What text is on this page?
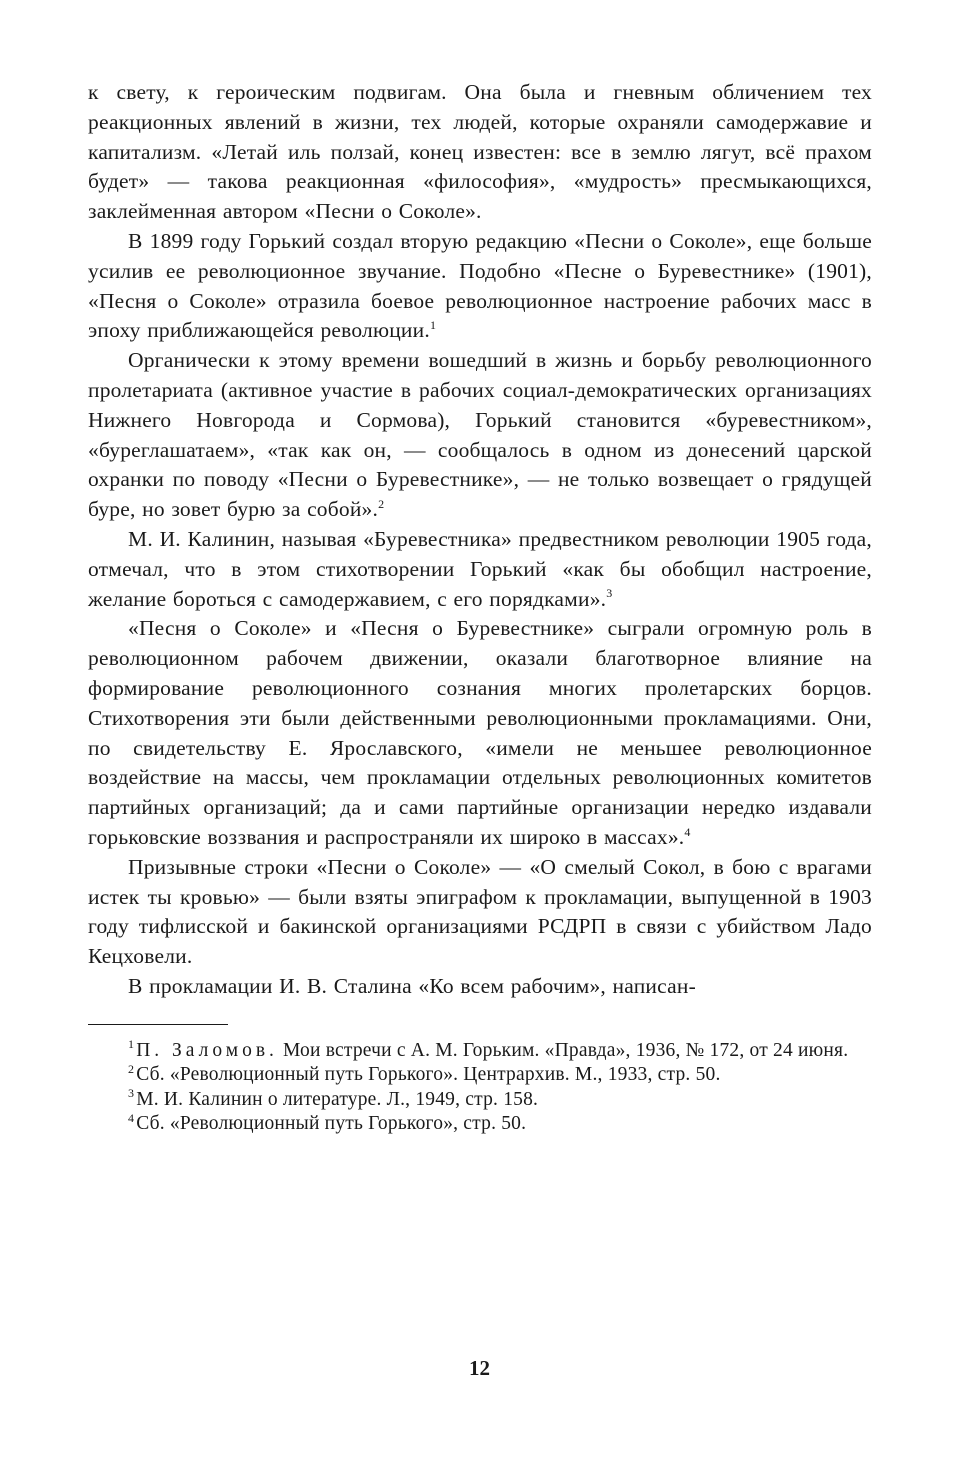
к свету, к героическим подвигам. Она была и гневным обличением тех реакционных явлений в жизни, тех людей, которые охраняли самодержавие и капитализм. «Летай иль ползай, конец известен: все в землю лягут, всё прахом будет» — такова реакционная «философия», «мудрость» пресмыкающихся, заклейменная автором «Песни о Соколе».

В 1899 году Горький создал вторую редакцию «Песни о Соколе», еще больше усилив ее революционное звучание. Подобно «Песне о Буревестнике» (1901), «Песня о Соколе» отразила боевое революционное настроение рабочих масс в эпоху приближающейся революции.$^1$

Органически к этому времени вошедший в жизнь и борьбу революционного пролетариата (активное участие в рабочих социал-демократических организациях Нижнего Новгорода и Сормова), Горький становится «буревестником», «буреглашатаем», «так как он, — сообщалось в одном из донесений царской охранки по поводу «Песни о Буревестнике», — не только возвещает о грядущей буре, но зовет бурю за собой».$^2$

М. И. Калинин, называя «Буревестника» предвестником революции 1905 года, отмечал, что в этом стихотворении Горький «как бы обобщил настроение, желание бороться с самодержавием, с его порядками».$^3$

«Песня о Соколе» и «Песня о Буревестнике» сыграли огромную роль в революционном рабочем движении, оказали благотворное влияние на формирование революционного сознания многих пролетарских борцов. Стихотворения эти были действенными революционными прокламациями. Они, по свидетельству Е. Ярославского, «имели не меньшее революционное воздействие на массы, чем прокламации отдельных революционных комитетов партийных организаций; да и сами партийные организации нередко издавали горьковские воззвания и распространяли их широко в массах».$^4$

Призывные строки «Песни о Соколе» — «О смелый Сокол, в бою с врагами истек ты кровью» — были взяты эпиграфом к прокламации, выпущенной в 1903 году тифлисской и бакинской организациями РСДРП в связи с убийством Ладо Кецховели.

В прокламации И. В. Сталина «Ко всем рабочим», написан-

$^1$ П. Заломов. Мои встречи с А. М. Горьким. «Правда», 1936, № 172, от 24 июня.

$^2$ Сб. «Революционный путь Горького». Центрархив. М., 1933, стр. 50.

$^3$ М. И. Калинин о литературе. Л., 1949, стр. 158.

$^4$ Сб. «Революционный путь Горького», стр. 50.

12
